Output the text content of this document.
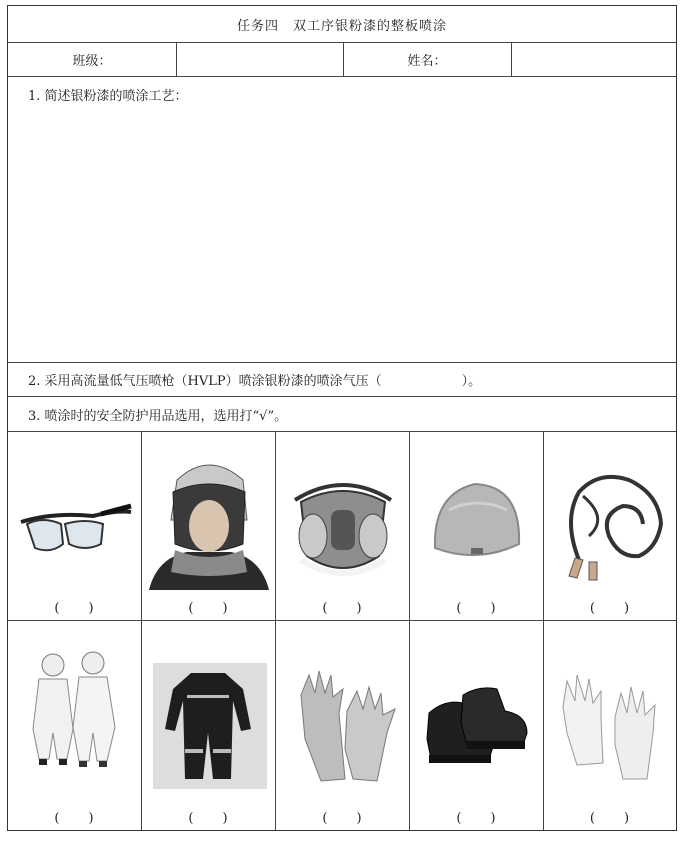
任务四　双工序银粉漆的整板喷涂
班级：	姓名：
1. 简述银粉漆的喷涂工艺：
2. 采用高流量低气压喷枪（HVLP）喷涂银粉漆的喷涂气压（	）。
3. 喷涂时的安全防护用品选用，选用打“√”。
(　　)	(　　)	(　　)	(　　)	(　　)
(　　)	(　　)	(　　)	(　　)	(　　)
